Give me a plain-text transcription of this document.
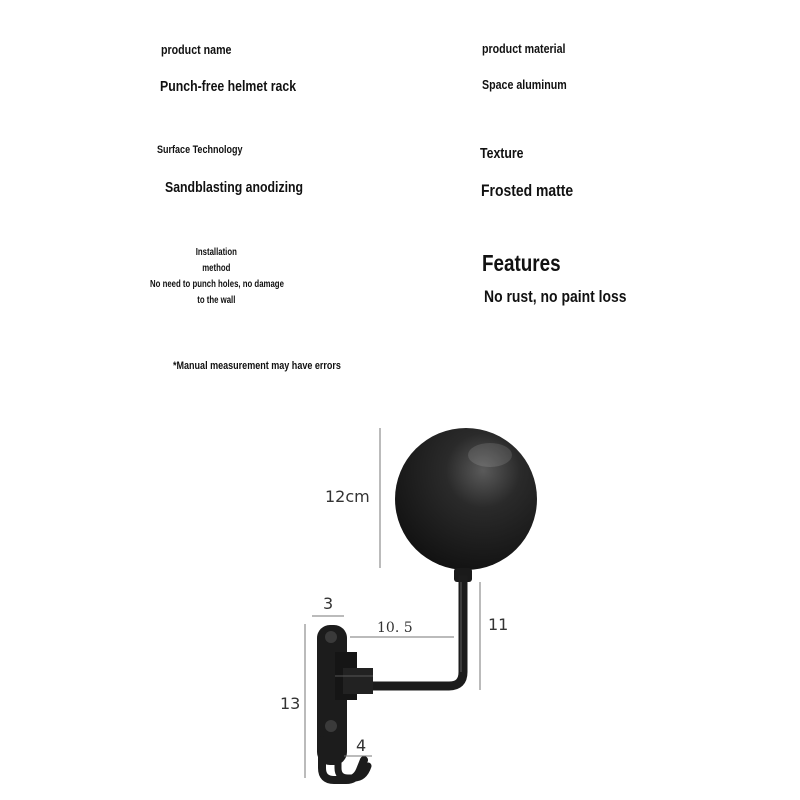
product name
Punch-free helmet rack
product material
Space aluminum
Surface Technology
Sandblasting anodizing
Texture
Frosted matte
Installation
method
No need to punch holes, no damage
to the wall
Features
No rust, no paint loss
*Manual measurement may have errors
12cm
3
10. 5	11
13
4
